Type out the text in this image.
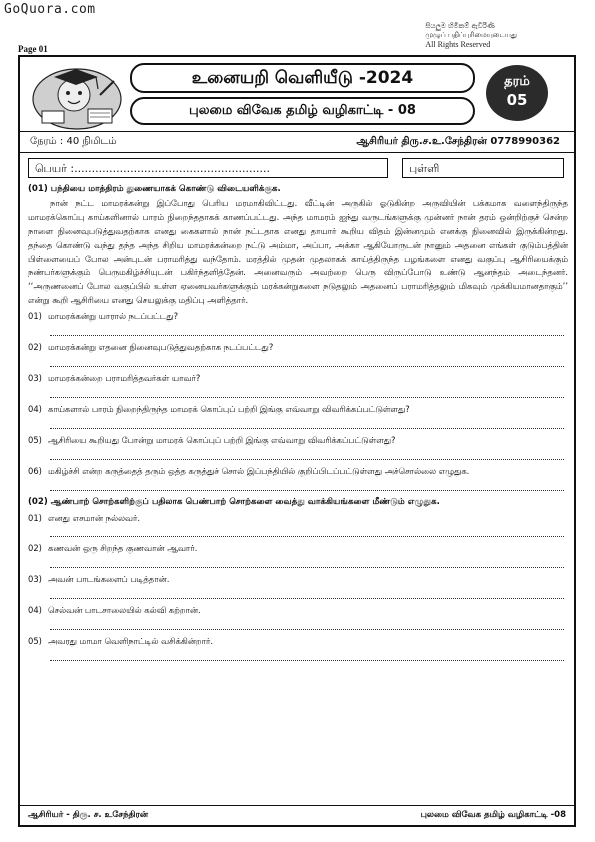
GoQuora.com
සියලුම හිමිකම් ඇවිරිණි
முழுப் பதிப்புரிமையுடையது
All Rights Reserved
Page 01
உனையறி வெளியீடு -2024
புலமை விவேக தமிழ் வழிகாட்டி - 08
தரம்
05
நேரம் : 40 நிமிடம்	ஆசிரியர் திரு.ச.உ.சேந்திரன் 0778990362
பெயர் :........................................................	புள்ளி
(01) பந்தியை மாத்திரம் துணையாகக் கொண்டு விடையளிக்குக.
நான் நட்ட மாமரக்கன்று இப்போது பெரிய மரமாகிவிட்டது. வீட்டின் அருகில் ஓடுகின்ற அருவியின் பக்கமாக வளைந்திருந்த மாமரக்கொப்பு காய்களினால் பாரம் நிறைந்ததாகக் காணப்பட்டது. அந்த மாமரம் ஐந்து வருடங்களுக்கு முன்னர் நான் தரம் ஒன்றிற்குச் சென்ற நாளை நினைவுபடுத்துவதற்காக எனது கைகளால் நான் நட்டதாக எனது தாயார் கூறிய விதம் இன்னமும் எனக்கு நினைவில் இருக்கின்றது. தந்தை கொண்டு வந்து தந்த அந்த சிறிய மாமரக்கன்றை நட்டு அம்மா, அப்பா, அக்கா ஆகியோருடன் நானும் அதனை எங்கள் குடும்பத்தின் பிள்ளையைப் போல அன்புடன் பராமரித்து வந்தோம். மரத்தில் முதன் முதலாகக் காய்த்திருந்த பழங்களை எனது வகுப்பு ஆசிரியைக்கும் நண்பர்களுக்கும் பெருமகிழ்ச்சியுடன் பகிர்ந்தளித்தேன். அனைவரும் அவற்றை பெரு விருப்போடு உண்டு ஆனந்தம் அடைந்தனர். ‘‘அருணனைப் போல வகுப்பில் உள்ள ஏனையவர்களுக்கும் மரக்கன்றுகளை நடுதலும் அதனைப் பராமரித்தலும் மிகவும் முக்கியமானதாகும்’’ என்று கூறி ஆசிரியை எனது செயலுக்கு மதிப்பு அளித்தார்.
01) மாமரக்கன்று யாரால் நடப்பட்டது?
02) மாமரக்கன்று எதனை நினைவுபடுத்துவதற்காக நடப்பட்டது?
03) மாமரக்கன்றை பராமரித்தவர்கள் யாவர்?
04) காய்களால் பாரம் நிறைந்திருந்த மாமரக் கொப்புப் பற்றி இங்கு எவ்வாறு விவரிக்கப்பட்டுள்ளது?
05) ஆசிரியை கூறியது போன்று மாமரக் கொப்புப் பற்றி இங்கு எவ்வாறு விவரிக்கப்பட்டுள்ளது?
06) மகிழ்ச்சி என்ற கருத்தைத் தரும் ஒத்த கருத்துச் சொல் இப்பந்தியில் குறிப்பிடப்பட்டுள்ளது அச்சொல்லை எழுதுக.
(02) ஆண்பாற் சொற்களிற்குப் பதிலாக பெண்பாற் சொற்களை வைத்து வாக்கியங்களை மீண்டும் எழுதுக.
01) எனது எசமான் நல்லவர்.
02) கணவன் ஒரு சிறந்த குணவான் ஆவார்.
03) அவன் பாடங்களைப் படித்தான்.
04) செல்வன் பாடசாலையில் கல்வி கற்றான்.
05) அவரது மாமா வெளிநாட்டில் வசிக்கின்றார்.
ஆசிரியர் - திரு. ச. உசேந்திரன்	புலமை விவேக தமிழ் வழிகாட்டி -08
